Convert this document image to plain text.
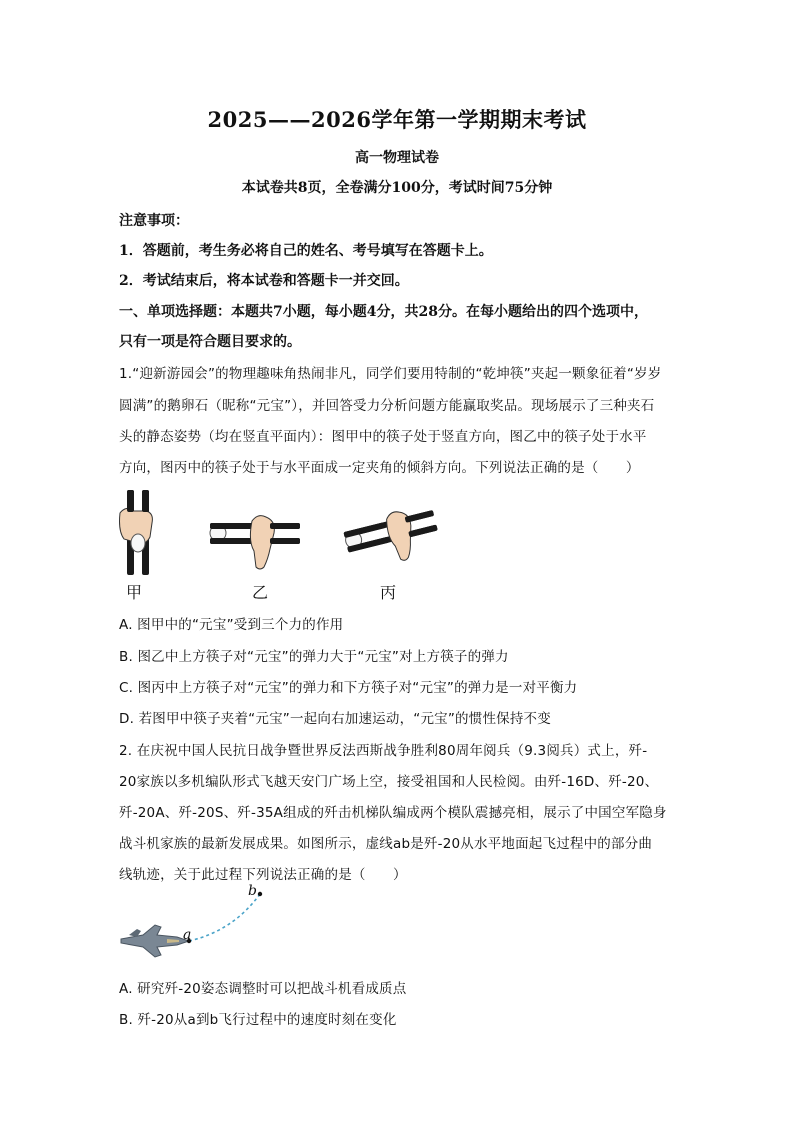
2025——2026学年第一学期期末考试
高一物理试卷
本试卷共8页，全卷满分100分，考试时间75分钟
注意事项：
1．答题前，考生务必将自己的姓名、考号填写在答题卡上。
2．考试结束后，将本试卷和答题卡一并交回。
一、单项选择题：本题共7小题，每小题4分，共28分。在每小题给出的四个选项中，
只有一项是符合题目要求的。
1.“迎新游园会”的物理趣味角热闹非凡，同学们要用特制的“乾坤筷”夹起一颗象征着“岁岁
圆满”的鹅卵石（昵称“元宝”），并回答受力分析问题方能赢取奖品。现场展示了三种夹石
头的静态姿势（均在竖直平面内）：图甲中的筷子处于竖直方向，图乙中的筷子处于水平
方向，图丙中的筷子处于与水平面成一定夹角的倾斜方向。下列说法正确的是（　　）
甲	乙	丙
A. 图甲中的“元宝”受到三个力的作用
B. 图乙中上方筷子对“元宝”的弹力大于“元宝”对上方筷子的弹力
C. 图丙中上方筷子对“元宝”的弹力和下方筷子对“元宝”的弹力是一对平衡力
D. 若图甲中筷子夹着“元宝”一起向右加速运动，“元宝”的惯性保持不变
2. 在庆祝中国人民抗日战争暨世界反法西斯战争胜利80周年阅兵（9.3阅兵）式上，歼-
20家族以多机编队形式飞越天安门广场上空，接受祖国和人民检阅。由歼-16D、歼-20、
歼-20A、歼-20S、歼-35A组成的歼击机梯队编成两个模队震撼亮相，展示了中国空军隐身
战斗机家族的最新发展成果。如图所示，虚线ab是歼-20从水平地面起飞过程中的部分曲
线轨迹，关于此过程下列说法正确的是（　　）
a
b
A. 研究歼-20姿态调整时可以把战斗机看成质点
B. 歼-20从a到b飞行过程中的速度时刻在变化
